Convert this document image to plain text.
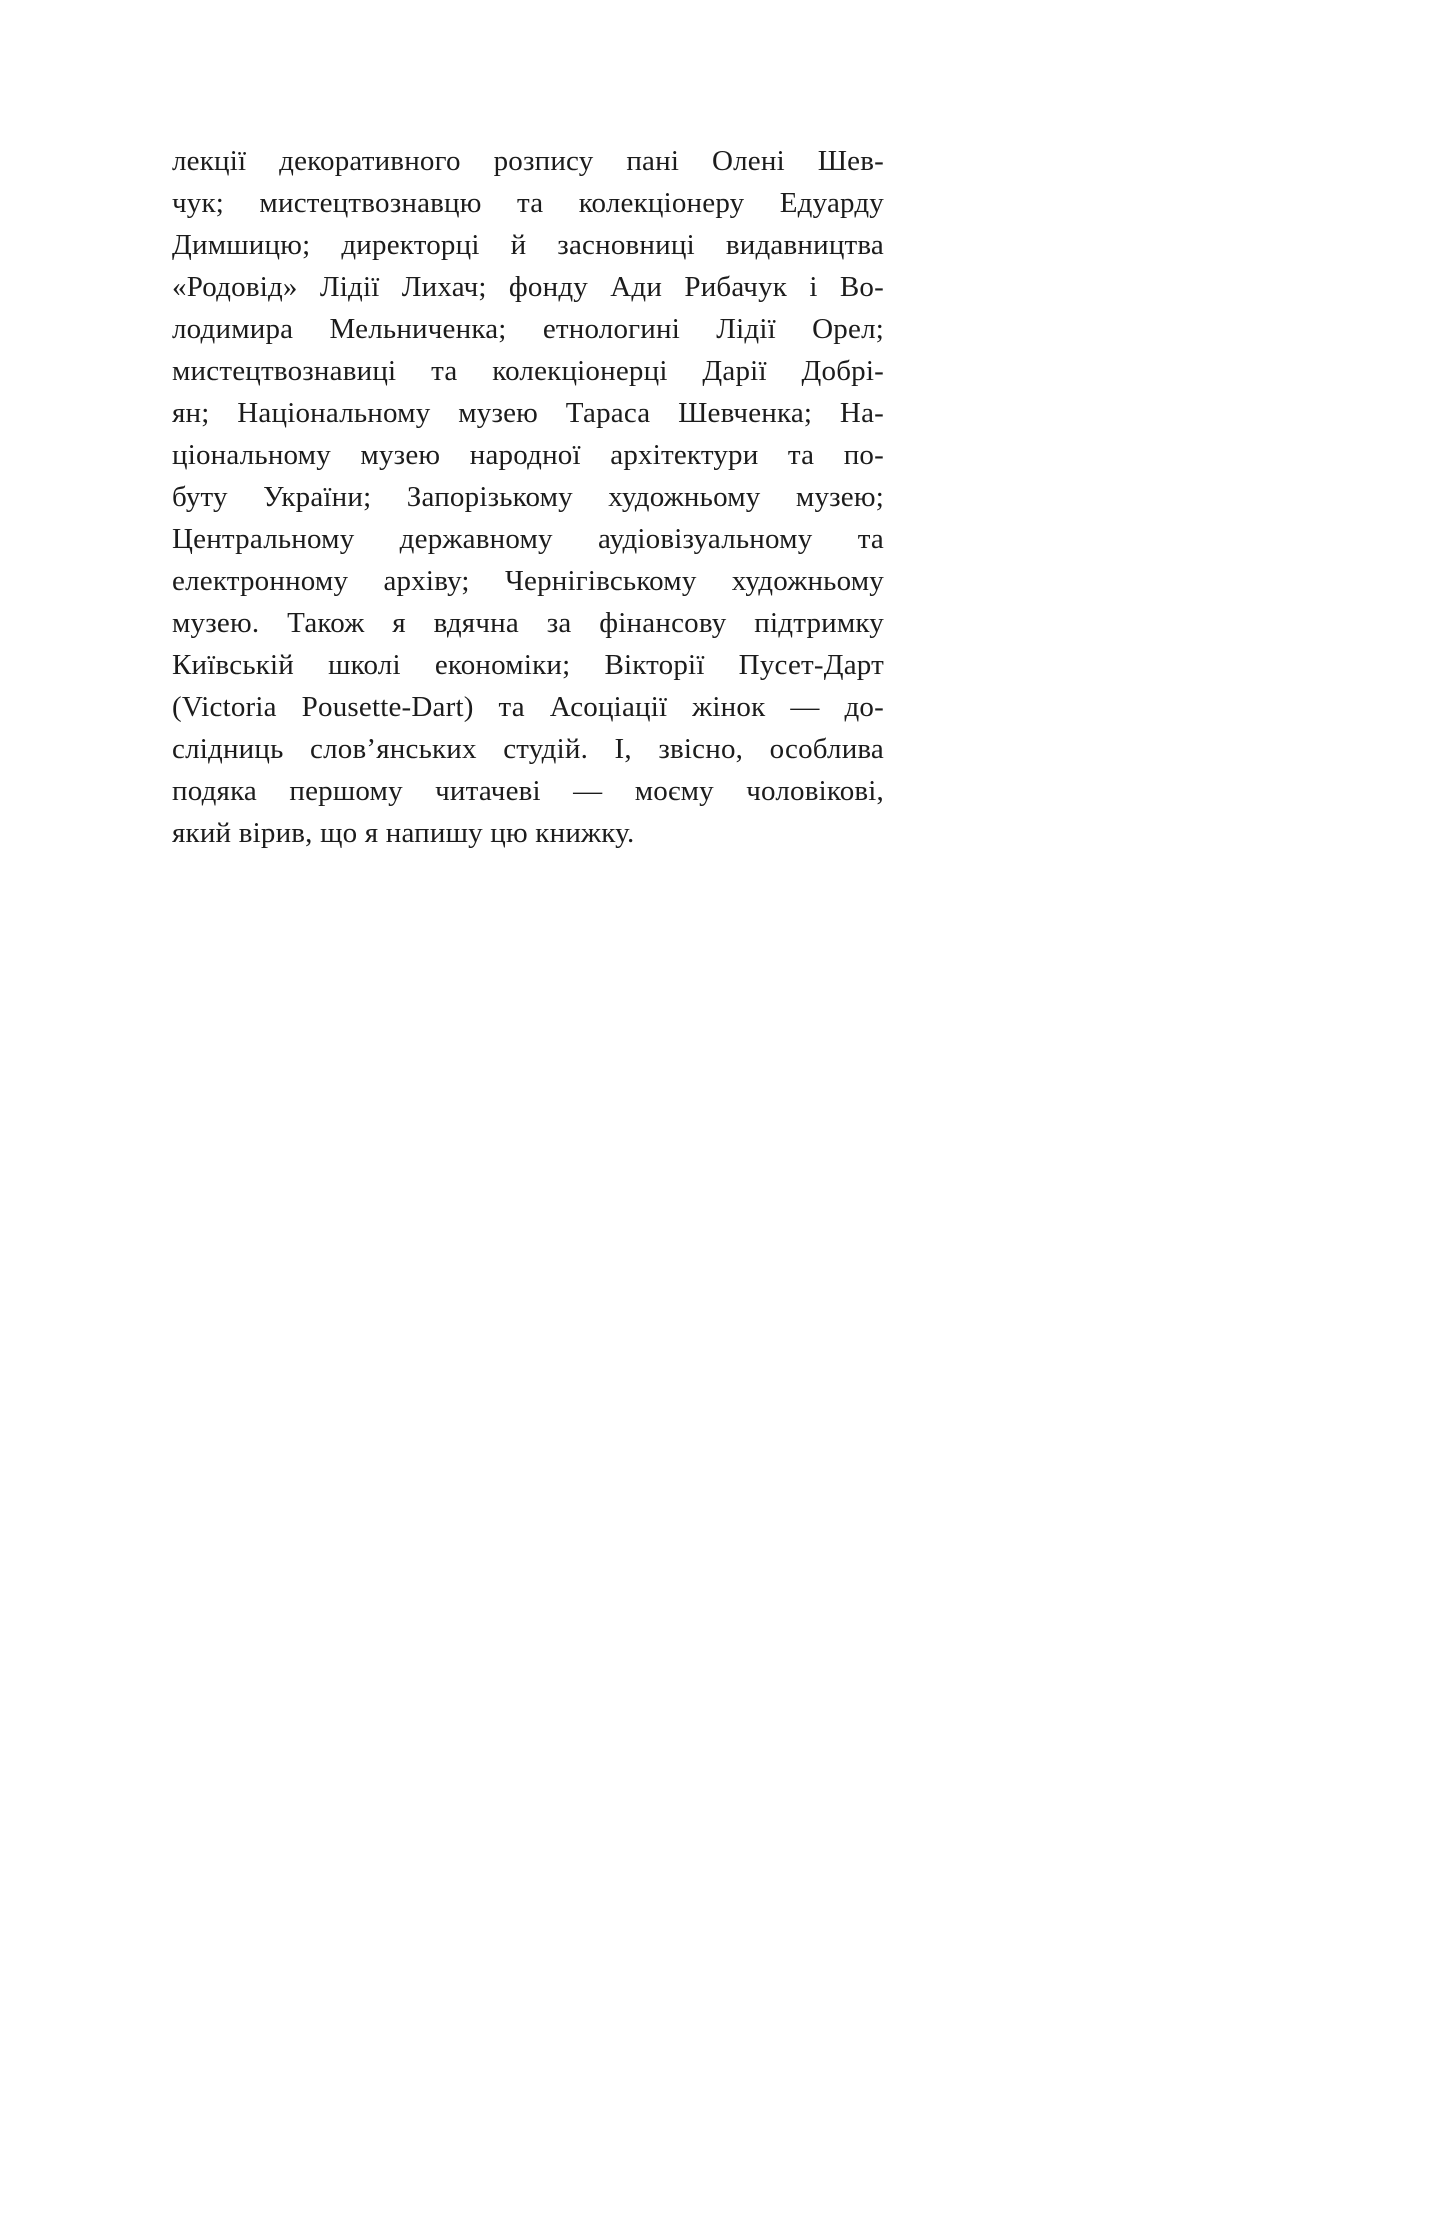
лекції декоративного розпису пані Олені Шев-
чук; мистецтвознавцю та колекціонеру Едуарду
Димшицю; директорці й засновниці видавництва
«Родовід» Лідії Лихач; фонду Ади Рибачук і Во-
лодимира Мельниченка; етнологині Лідії Орел;
мистецтвознавиці та колекціонерці Дарії Добрі-
ян; Національному музею Тараса Шевченка; На-
ціональному музею народної архітектури та по-
буту України; Запорізькому художньому музею;
Центральному державному аудіовізуальному та
електронному архіву; Чернігівському художньому
музею. Також я вдячна за фінансову підтримку
Київській школі економіки; Вікторії Пусет-Дарт
(Victoria Pousette-Dart) та Асоціації жінок — до-
слідниць слов’янських студій. І, звісно, особлива
подяка першому читачеві — моєму чоловікові,
який вірив, що я напишу цю книжку.
